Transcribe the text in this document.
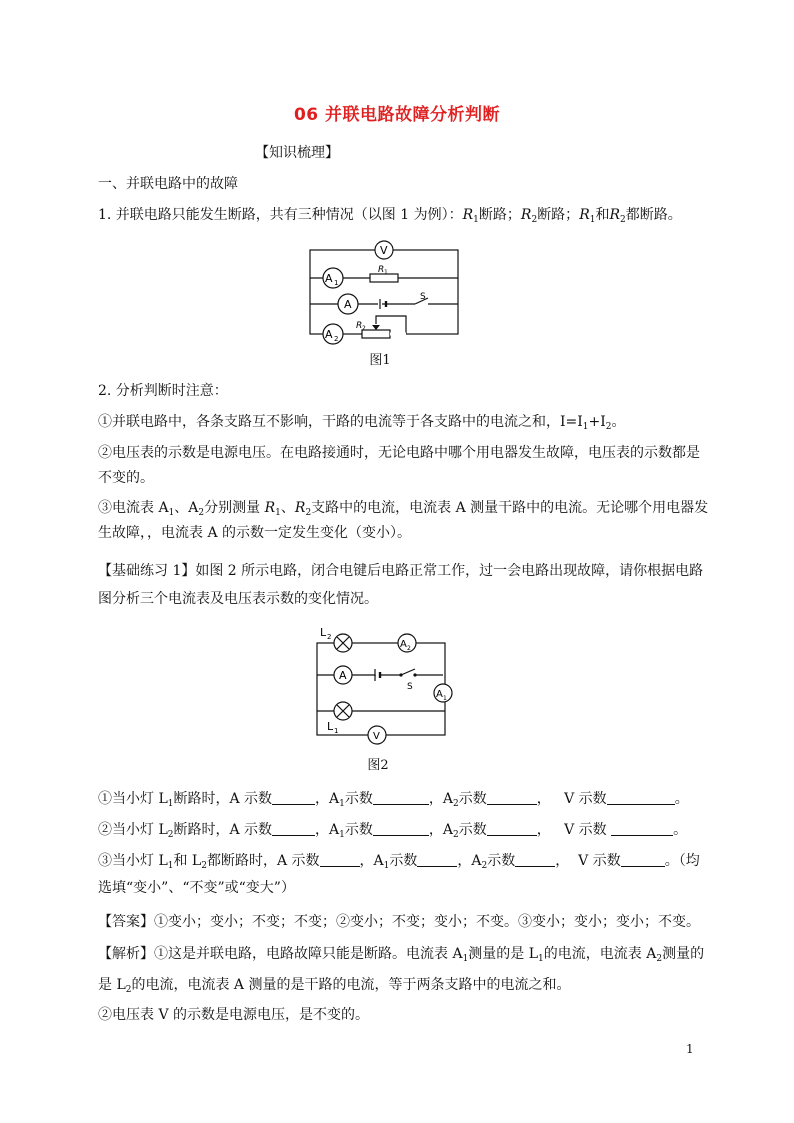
06 并联电路故障分析判断
【知识梳理】
一、并联电路中的故障
1. 并联电路只能发生断路，共有三种情况（以图 1 为例）：$R_1$断路；$R_2$断路；$R_1$和$R_2$都断路。
V
A 1
A
A 2
R 1
R 2
S
图1
2. 分析判断时注意：
①并联电路中，各条支路互不影响，干路的电流等于各支路中的电流之和，$I=I_1+I_2$。
②电压表的示数是电源电压。在电路接通时，无论电路中哪个用电器发生故障，电压表的示数都是
不变的。
③电流表 $A_1$、$A_2$分别测量 $R_1$、$R_2$支路中的电流，电流表 A 测量干路中的电流。无论哪个用电器发
生故障，，电流表 A 的示数一定发生变化（变小）。
【基础练习 1】如图 2 所示电路，闭合电键后电路正常工作，过一会电路出现故障，请你根据电路
图分析三个电流表及电压表示数的变化情况。
L 2
A 2
A
S
A 1
L 1	V
图2
①当小灯 $L_1$断路时，A 示数	，$A_1$示数	，$A_2$示数	， V 示数	。
②当小灯 $L_2$断路时，A 示数	，$A_1$示数	，$A_2$示数	， V 示数	。
③当小灯 $L_1$和 $L_2$都断路时，A 示数	，$A_1$示数	，$A_2$示数	， V 示数	。（均
选填“变小”、“不变”或“变大”）
【答案】①变小；变小；不变；不变；②变小；不变；变小；不变。③变小；变小；变小；不变。
【解析】①这是并联电路，电路故障只能是断路。电流表 $A_1$测量的是 $L_1$的电流，电流表 $A_2$测量的
是 $L_2$的电流，电流表 A 测量的是干路的电流，等于两条支路中的电流之和。
②电压表 V 的示数是电源电压，是不变的。
1
